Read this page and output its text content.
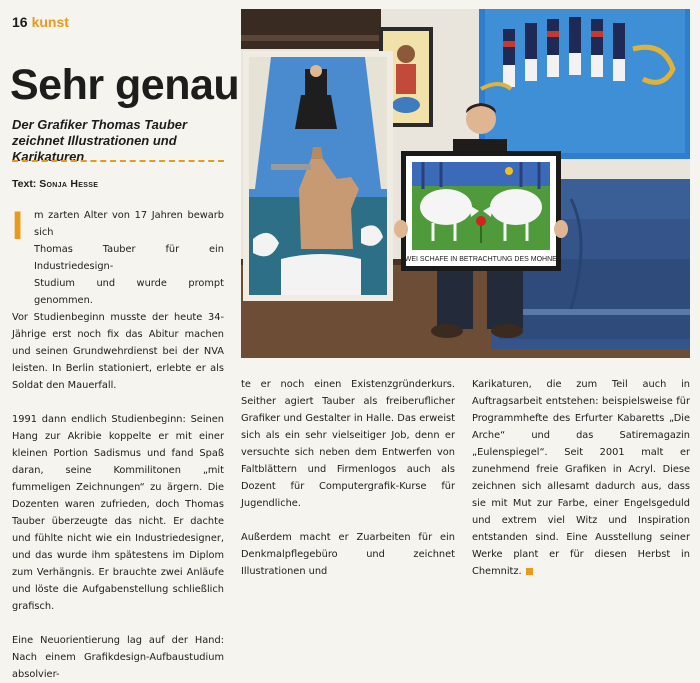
16 kunst
Sehr genau
Der Grafiker Thomas Tauber zeichnet Illustrationen und Karikaturen
Text: Sonja Hesse
I	m zarten Alter von 17 Jahren bewarb sich
Thomas Tauber für ein Industriedesign-
Studium und wurde prompt genommen.
Vor Studienbeginn musste der heute 34-Jährige erst noch fix das Abitur machen und seinen Grundwehrdienst bei der NVA leisten. In Berlin stationiert, erlebte er als Soldat den Mauerfall.

1991 dann endlich Studienbeginn: Seinen Hang zur Akribie koppelte er mit einer kleinen Portion Sadismus und fand Spaß daran, seine Kommilitonen „mit fummeligen Zeichnungen“ zu ärgern. Die Dozenten waren zufrieden, doch Thomas Tauber überzeugte das nicht. Er dachte und fühlte nicht wie ein Industriedesigner, und das wurde ihm spätestens im Diplom zum Verhängnis. Er brauchte zwei Anläufe und löste die Aufgabenstellung schließlich grafisch.

Eine Neuorientierung lag auf der Hand: Nach einem Grafikdesign-Aufbaustudium absolvier-

te er noch einen Existenzgründerkurs. Seither agiert Tauber als freiberuflicher Grafiker und Gestalter in Halle. Das erweist sich als ein sehr vielseitiger Job, denn er versuchte sich neben dem Entwerfen von Faltblättern und Firmenlogos auch als Dozent für Computergrafik-Kurse für Jugendliche.

Außerdem macht er Zuarbeiten für ein Denkmalpflegebüro und zeichnet Illustrationen und

Karikaturen, die zum Teil auch in Auftragsarbeit entstehen: beispielsweise für Programmhefte des Erfurter Kabaretts „Die Arche“ und das Satiremagazin „Eulenspiegel“. Seit 2001 malt er zunehmend freie Grafiken in Acryl. Diese zeichnen sich allesamt dadurch aus, dass sie mit Mut zur Farbe, einer Engelsgeduld und extrem viel Witz und Inspiration entstanden sind. Eine Ausstellung seiner Werke plant er für diesen Herbst in Chemnitz.

ZWEI SCHAFE IN BETRACHTUNG DES MOHNES
